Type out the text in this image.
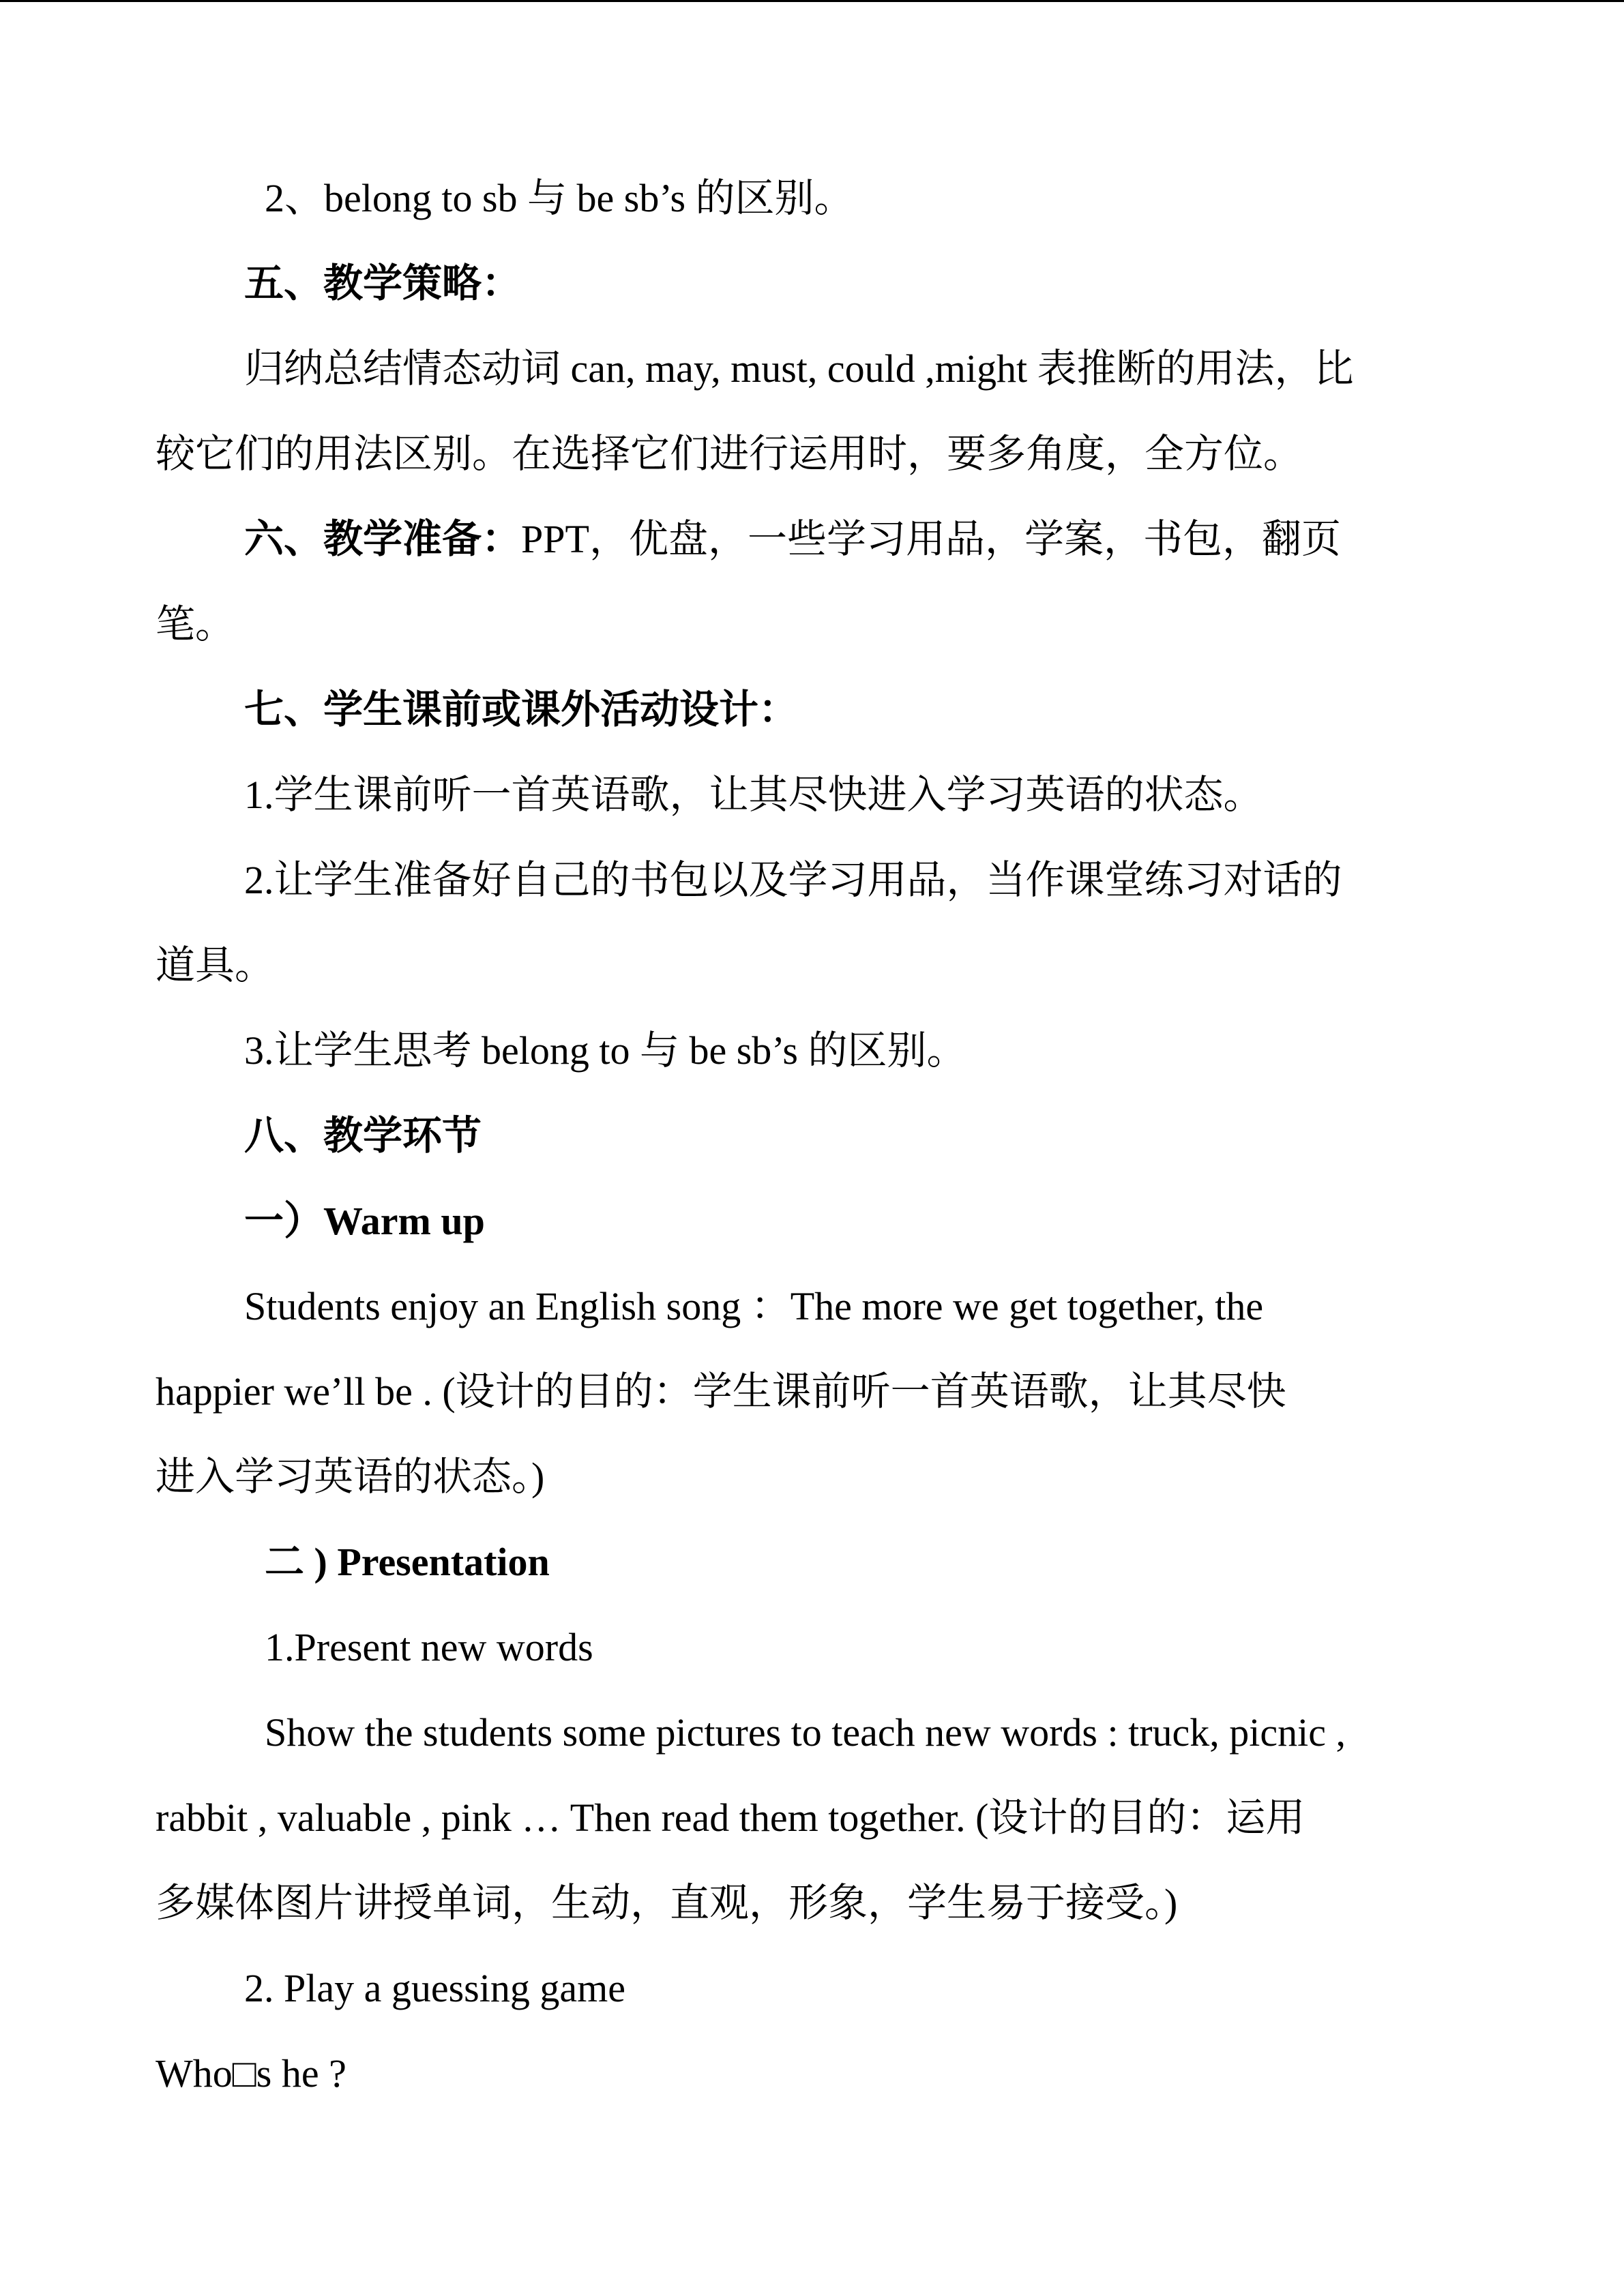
2、belong to sb 与 be sb’s 的区别。
五、教学策略：
归纳总结情态动词 can, may, must, could ,might 表推断的用法，比
较它们的用法区别。在选择它们进行运用时，要多角度，全方位。
六、教学准备：PPT，优盘，一些学习用品，学案，书包，翻页
笔。
七、学生课前或课外活动设计：
1.学生课前听一首英语歌，让其尽快进入学习英语的状态。
2.让学生准备好自己的书包以及学习用品，当作课堂练习对话的
道具。
3.让学生思考 belong to 与 be sb’s 的区别。
八、教学环节
一）Warm up
Students enjoy an English song ：The more we get together, the
happier we’ll be . (设计的目的：学生课前听一首英语歌，让其尽快
进入学习英语的状态。)
二 ) Presentation
1.Present new words
Show the students some pictures to teach new words : truck, picnic ,
rabbit , valuable , pink … Then read them together. (设计的目的：运用
多媒体图片讲授单词，生动，直观，形象，学生易于接受。)
2. Play a guessing game
Who□s he ?
